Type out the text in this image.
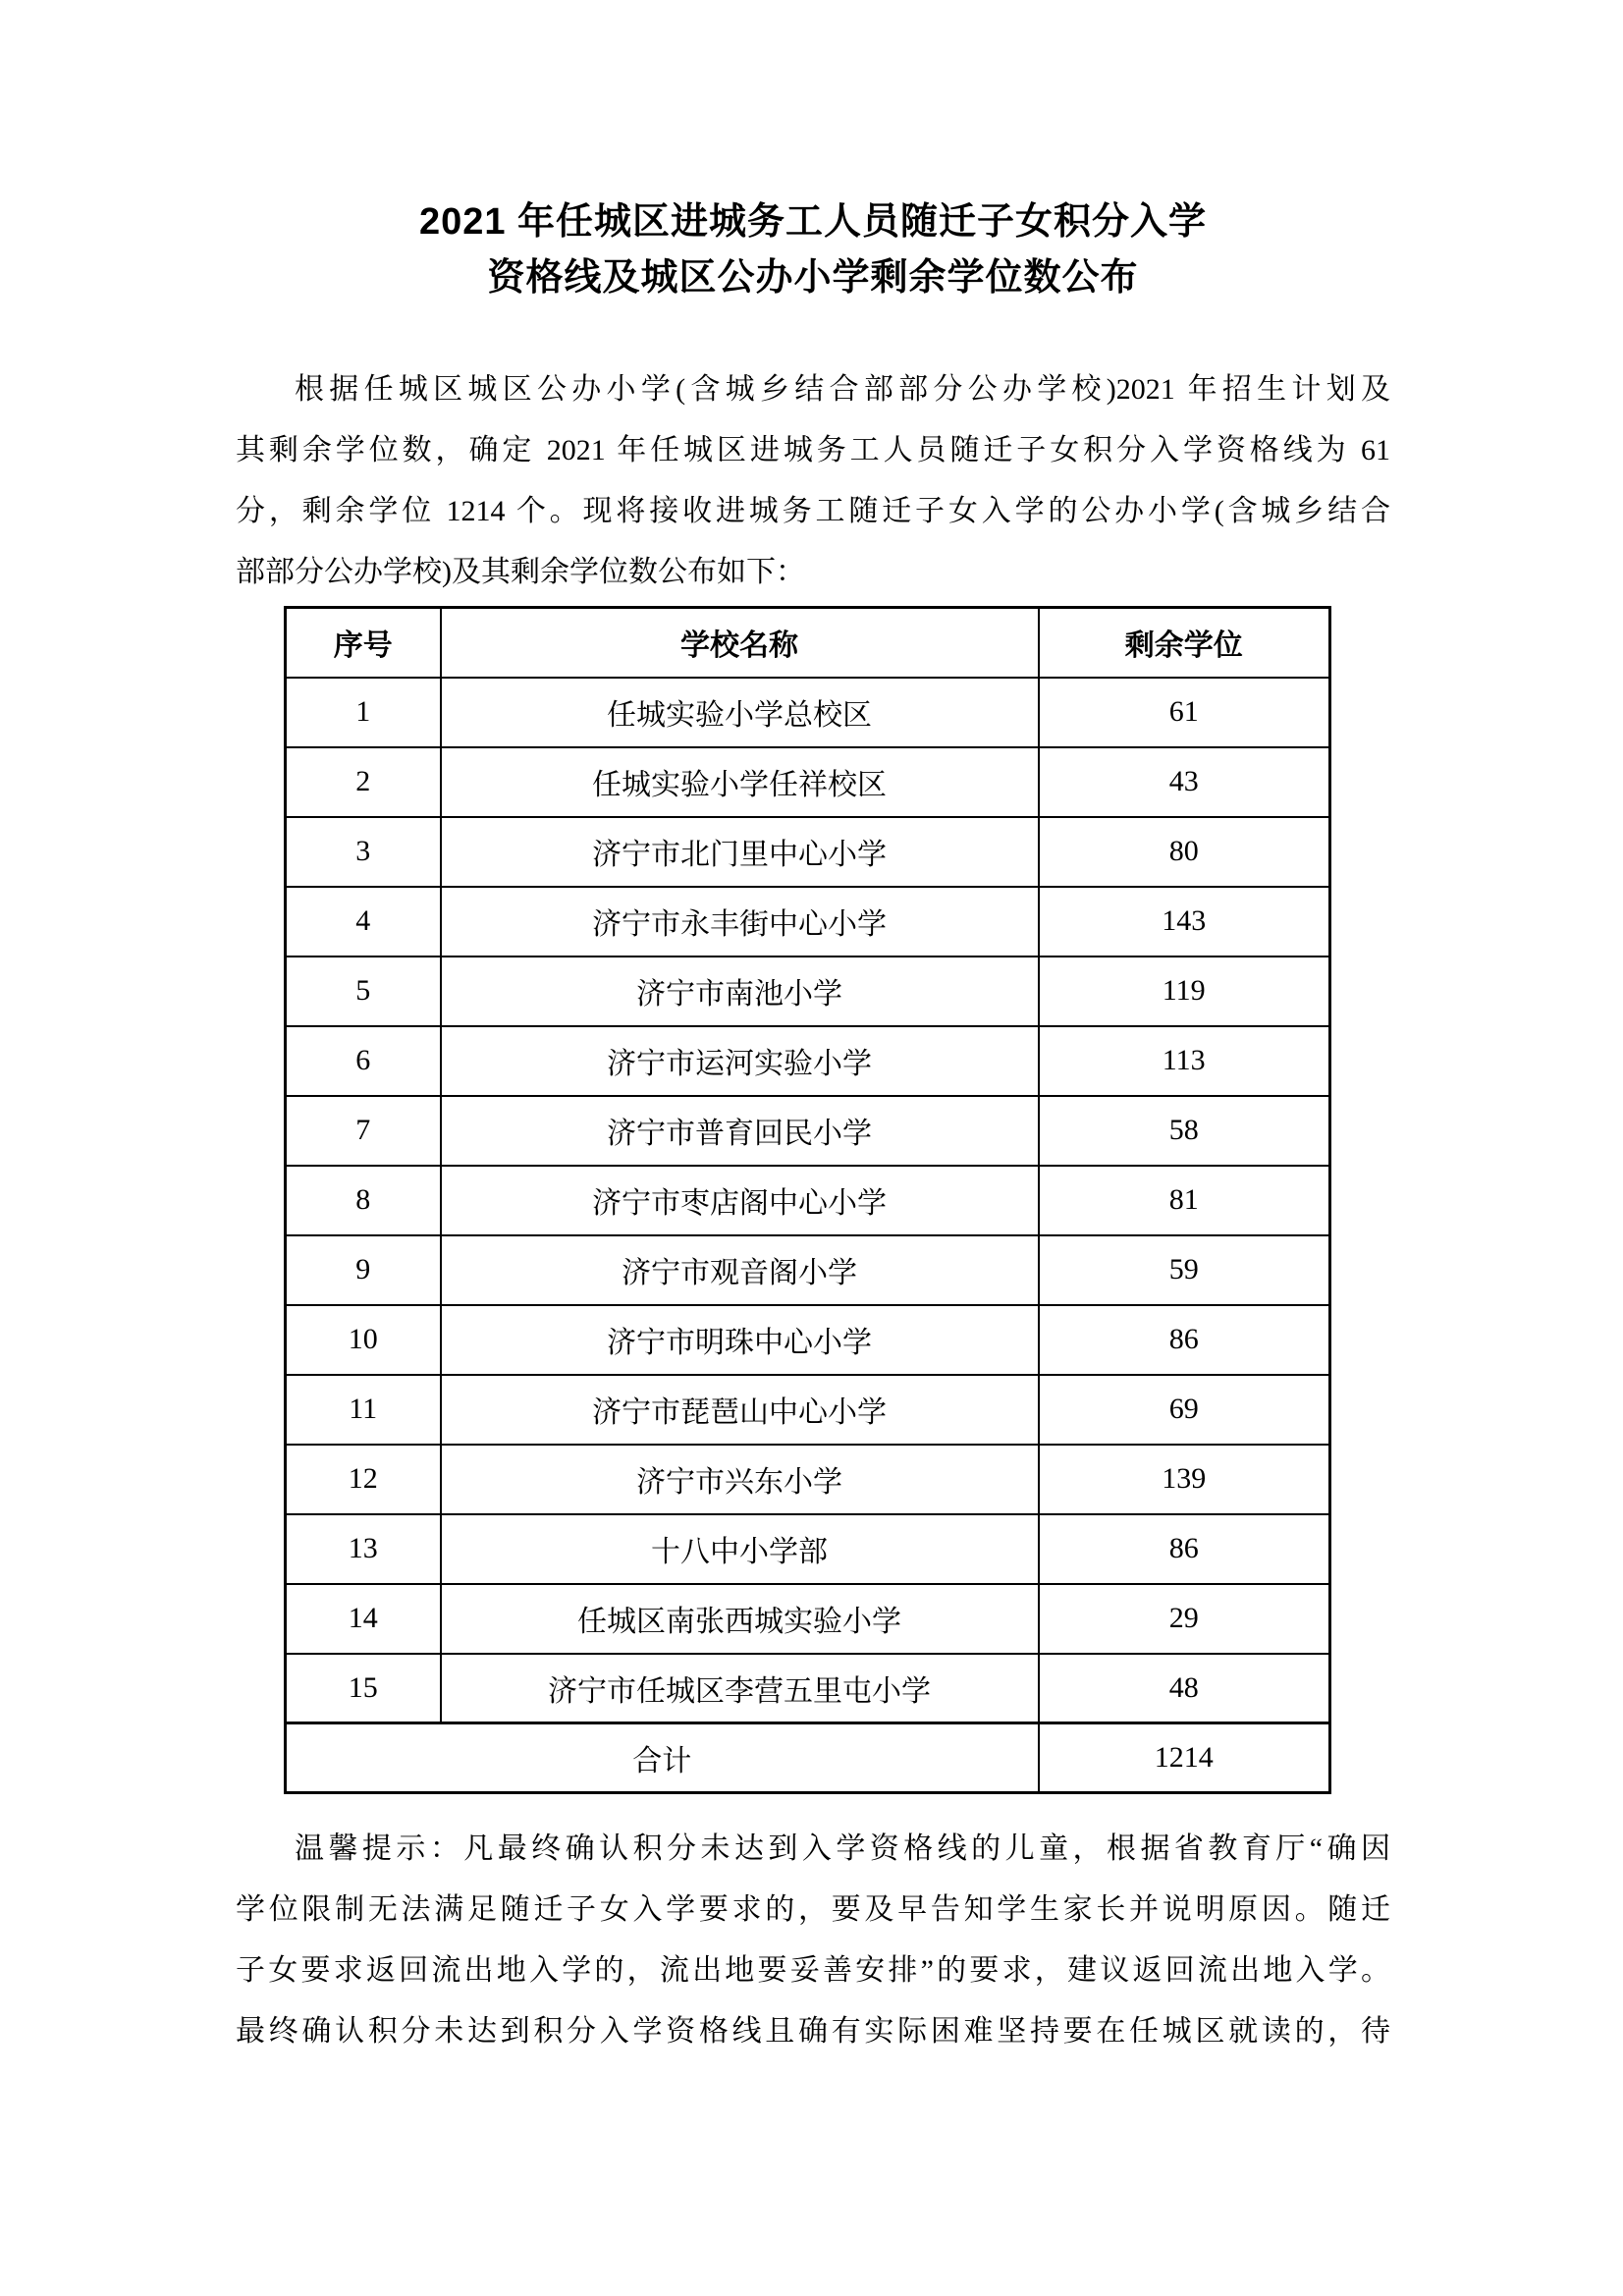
2021 年任城区进城务工人员随迁子女积分入学
资格线及城区公办小学剩余学位数公布
根据任城区城区公办小学(含城乡结合部部分公办学校)2021 年招生计划及
其剩余学位数，确定 2021 年任城区进城务工人员随迁子女积分入学资格线为 61
分，剩余学位 1214 个。现将接收进城务工随迁子女入学的公办小学(含城乡结合
部部分公办学校)及其剩余学位数公布如下：
序号	学校名称	剩余学位
1	任城实验小学总校区	61
2	任城实验小学任祥校区	43
3	济宁市北门里中心小学	80
4	济宁市永丰街中心小学	143
5	济宁市南池小学	119
6	济宁市运河实验小学	113
7	济宁市普育回民小学	58
8	济宁市枣店阁中心小学	81
9	济宁市观音阁小学	59
10	济宁市明珠中心小学	86
11	济宁市琵琶山中心小学	69
12	济宁市兴东小学	139
13	十八中小学部	86
14	任城区南张西城实验小学	29
15	济宁市任城区李营五里屯小学	48
合计		1214
温馨提示：凡最终确认积分未达到入学资格线的儿童，根据省教育厅“确因
学位限制无法满足随迁子女入学要求的，要及早告知学生家长并说明原因。随迁
子女要求返回流出地入学的，流出地要妥善安排”的要求，建议返回流出地入学。
最终确认积分未达到积分入学资格线且确有实际困难坚持要在任城区就读的，待
